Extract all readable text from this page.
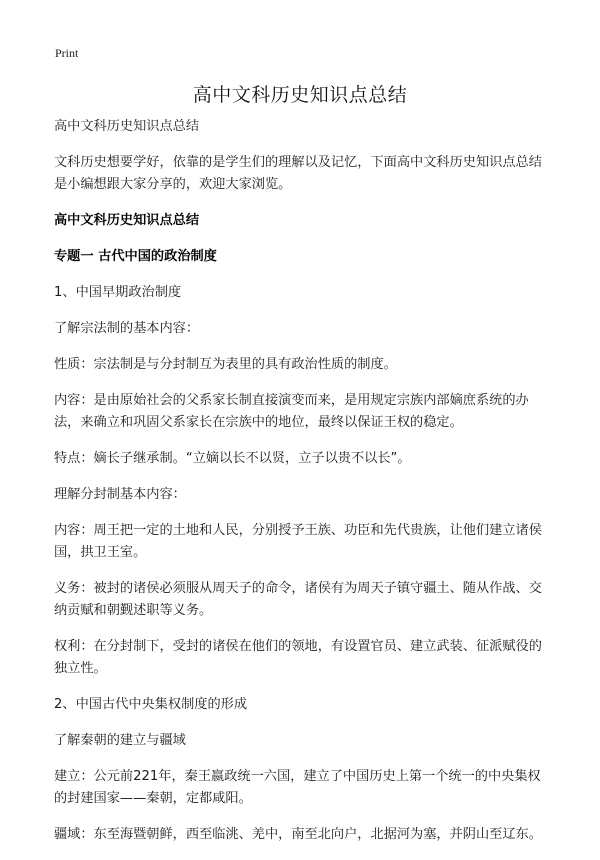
Print
高中文科历史知识点总结

高中文科历史知识点总结

文科历史想要学好，依靠的是学生们的理解以及记忆，下面高中文科历史知识点总结是小编想跟大家分享的，欢迎大家浏览。

高中文科历史知识点总结

专题一 古代中国的政治制度

1、中国早期政治制度

了解宗法制的基本内容：

性质：宗法制是与分封制互为表里的具有政治性质的制度。

内容：是由原始社会的父系家长制直接演变而来，是用规定宗族内部嫡庶系统的办法，来确立和巩固父系家长在宗族中的地位，最终以保证王权的稳定。

特点：嫡长子继承制。“立嫡以长不以贤，立子以贵不以长”。

理解分封制基本内容：

内容：周王把一定的土地和人民，分别授予王族、功臣和先代贵族，让他们建立诸侯国，拱卫王室。

义务：被封的诸侯必须服从周天子的命令，诸侯有为周天子镇守疆土、随从作战、交纳贡赋和朝觐述职等义务。

权利：在分封制下，受封的诸侯在他们的领地，有设置官员、建立武装、征派赋役的独立性。

2、中国古代中央集权制度的形成

了解秦朝的建立与疆域

建立：公元前221年，秦王嬴政统一六国，建立了中国历史上第一个统一的中央集权的封建国家——秦朝，定都咸阳。

疆域：东至海暨朝鲜，西至临洮、羌中，南至北向户，北据河为塞，并阴山至辽东。
